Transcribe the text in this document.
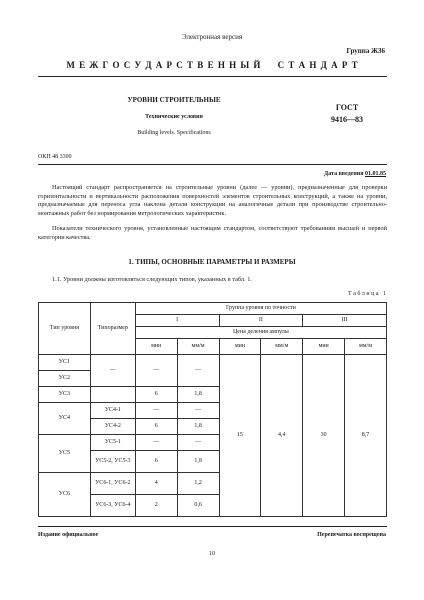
Электронная версия
Группа Ж36
М Е Ж Г О С У Д А Р С Т В Е Н Н Ы Й     С Т А Н Д А Р Т
УРОВНИ СТРОИТЕЛЬНЫЕ
Технические условия
Building levels. Specifications
ГОСТ
9416—83
ОКП 48 3300
Дата введения 01.01.85
Настоящий стандарт распространяется на строительные уровни (далее — уровни), предназначенные для проверки горизонтальности и вертикальности расположения поверхностей элементов строительных конструкций, а также на уровни, предназначаемые для переноса угла наклона детали конструкции на аналогичные детали при производстве строительно-монтажных работ без нормирования метрологических характеристик.
Показатели технического уровня, установленные настоящим стандартом, соответствуют требованиям высшей и первой категории качества.
1. ТИПЫ, ОСНОВНЫЕ ПАРАМЕТРЫ И РАЗМЕРЫ
1.1. Уровни должны изготовляться следующих типов, указанных в табл. 1.
Т а б л и ц а   1
Тип уровня	Типоразмер	Группа уровня по точности					
		I		II		III	
		Цена деления ампулы					
		мин	мм/м	мин	мм/м	мин	мм/м
УС1	—	—	—	15	4,4	30	8,7
УС2							
УС3		6	1,8				
УС4	УС4-1	—	—				
	УС4-2	6	1,8				
УС5	УС5-1	—	—				
	УС5-2, УС5-3	6	1,8				
УС6	УС6-1, УС6-2	4	1,2				
	УС6-3, УС6-4	2	0,6				
Издание официальное	Перепечатка воспрещена
10
